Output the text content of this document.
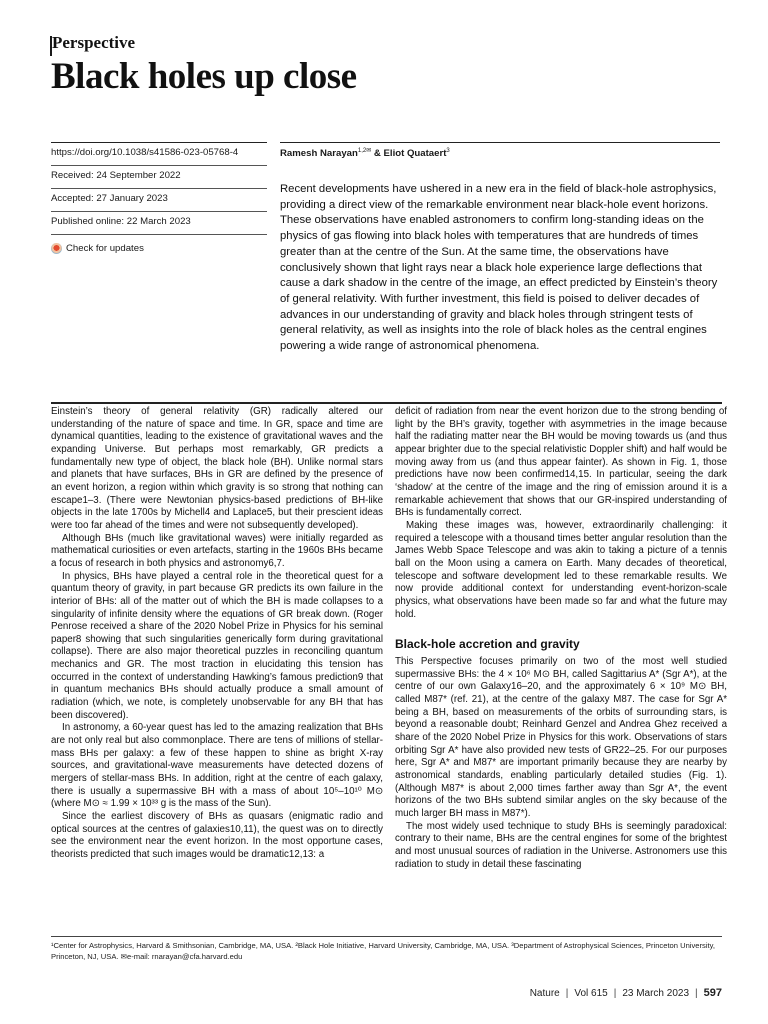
Perspective
Black holes up close
https://doi.org/10.1038/s41586-023-05768-4
Received: 24 September 2022
Accepted: 27 January 2023
Published online: 22 March 2023
Check for updates
Ramesh Narayan$^{1,2✉}$ & Eliot Quataert$^3$

Recent developments have ushered in a new era in the field of black-hole astrophysics, providing a direct view of the remarkable environment near black-hole event horizons. These observations have enabled astronomers to confirm long-standing ideas on the physics of gas flowing into black holes with temperatures that are hundreds of times greater than at the centre of the Sun. At the same time, the observations have conclusively shown that light rays near a black hole experience large deflections that cause a dark shadow in the centre of the image, an effect predicted by Einstein’s theory of general relativity. With further investment, this field is poised to deliver decades of advances in our understanding of gravity and black holes through stringent tests of general relativity, as well as insights into the role of black holes as the central engines powering a wide range of astronomical phenomena.

Einstein’s theory of general relativity (GR) radically altered our understanding of the nature of space and time. In GR, space and time are dynamical quantities, leading to the existence of gravitational waves and the expanding Universe. But perhaps most remarkably, GR predicts a fundamentally new type of object, the black hole (BH). Unlike normal stars and planets that have surfaces, BHs in GR are defined by the presence of an event horizon, a region within which gravity is so strong that nothing can escape1–3. (There were Newtonian physics-based predictions of BH-like objects in the late 1700s by Michell4 and Laplace5, but their prescient ideas were too far ahead of the times and were not subsequently developed).

Although BHs (much like gravitational waves) were initially regarded as mathematical curiosities or even artefacts, starting in the 1960s BHs became a focus of research in both physics and astronomy6,7.

In physics, BHs have played a central role in the theoretical quest for a quantum theory of gravity, in part because GR predicts its own failure in the interior of BHs: all of the matter out of which the BH is made collapses to a singularity of infinite density where the equations of GR break down. (Roger Penrose received a share of the 2020 Nobel Prize in Physics for his seminal paper8 showing that such singularities generically form during gravitational collapse). There are also major theoretical puzzles in reconciling quantum mechanics and GR. The most traction in elucidating this tension has occurred in the context of understanding Hawking’s famous prediction9 that in quantum mechanics BHs should actually produce a small amount of radiation (which, we note, is completely unobservable for any BH that has been discovered).

In astronomy, a 60-year quest has led to the amazing realization that BHs are not only real but also commonplace. There are tens of millions of stellar-mass BHs per galaxy: a few of these happen to shine as bright X-ray sources, and gravitational-wave measurements have detected dozens of mergers of stellar-mass BHs. In addition, right at the centre of each galaxy, there is usually a supermassive BH with a mass of about 10⁵–10¹⁰ M⊙ (where M⊙ ≈ 1.99 × 10³³ g is the mass of the Sun).

Since the earliest discovery of BHs as quasars (enigmatic radio and optical sources at the centres of galaxies10,11), the quest was on to directly see the environment near the event horizon. In the most opportune cases, theorists predicted that such images would be dramatic12,13: a

deficit of radiation from near the event horizon due to the strong bending of light by the BH’s gravity, together with asymmetries in the image because half the radiating matter near the BH would be moving towards us (and thus appear brighter due to the special relativistic Doppler shift) and half would be moving away from us (and thus appear fainter). As shown in Fig. 1, those predictions have now been confirmed14,15. In particular, seeing the dark ‘shadow’ at the centre of the image and the ring of emission around it is a remarkable achievement that shows that our GR-inspired understanding of BHs is fundamentally correct.

Making these images was, however, extraordinarily challenging: it required a telescope with a thousand times better angular resolution than the James Webb Space Telescope and was akin to taking a picture of a tennis ball on the Moon using a camera on Earth. Many decades of theoretical, telescope and software development led to these remarkable results. We now provide additional context for understanding event-horizon-scale physics, what observations have been made so far and what the future may hold.

Black-hole accretion and gravity

This Perspective focuses primarily on two of the most well studied supermassive BHs: the 4 × 10⁶ M⊙ BH, called Sagittarius A* (Sgr A*), at the centre of our own Galaxy16–20, and the approximately 6 × 10⁹ M⊙ BH, called M87* (ref. 21), at the centre of the galaxy M87. The case for Sgr A* being a BH, based on measurements of the orbits of surrounding stars, is beyond a reasonable doubt; Reinhard Genzel and Andrea Ghez received a share of the 2020 Nobel Prize in Physics for this work. Observations of stars orbiting Sgr A* have also provided new tests of GR22–25. For our purposes here, Sgr A* and M87* are important primarily because they are nearby by astronomical standards, enabling particularly detailed studies (Fig. 1). (Although M87* is about 2,000 times farther away than Sgr A*, the event horizons of the two BHs subtend similar angles on the sky because of the much larger BH mass in M87*).

The most widely used technique to study BHs is seemingly paradoxical: contrary to their name, BHs are the central engines for some of the brightest and most unusual sources of radiation in the Universe. Astronomers use this radiation to study in detail these fascinating

¹Center for Astrophysics, Harvard & Smithsonian, Cambridge, MA, USA. ²Black Hole Initiative, Harvard University, Cambridge, MA, USA. ³Department of Astrophysical Sciences, Princeton University, Princeton, NJ, USA. ✉e-mail: rnarayan@cfa.harvard.edu

Nature | Vol 615 | 23 March 2023 | 597
